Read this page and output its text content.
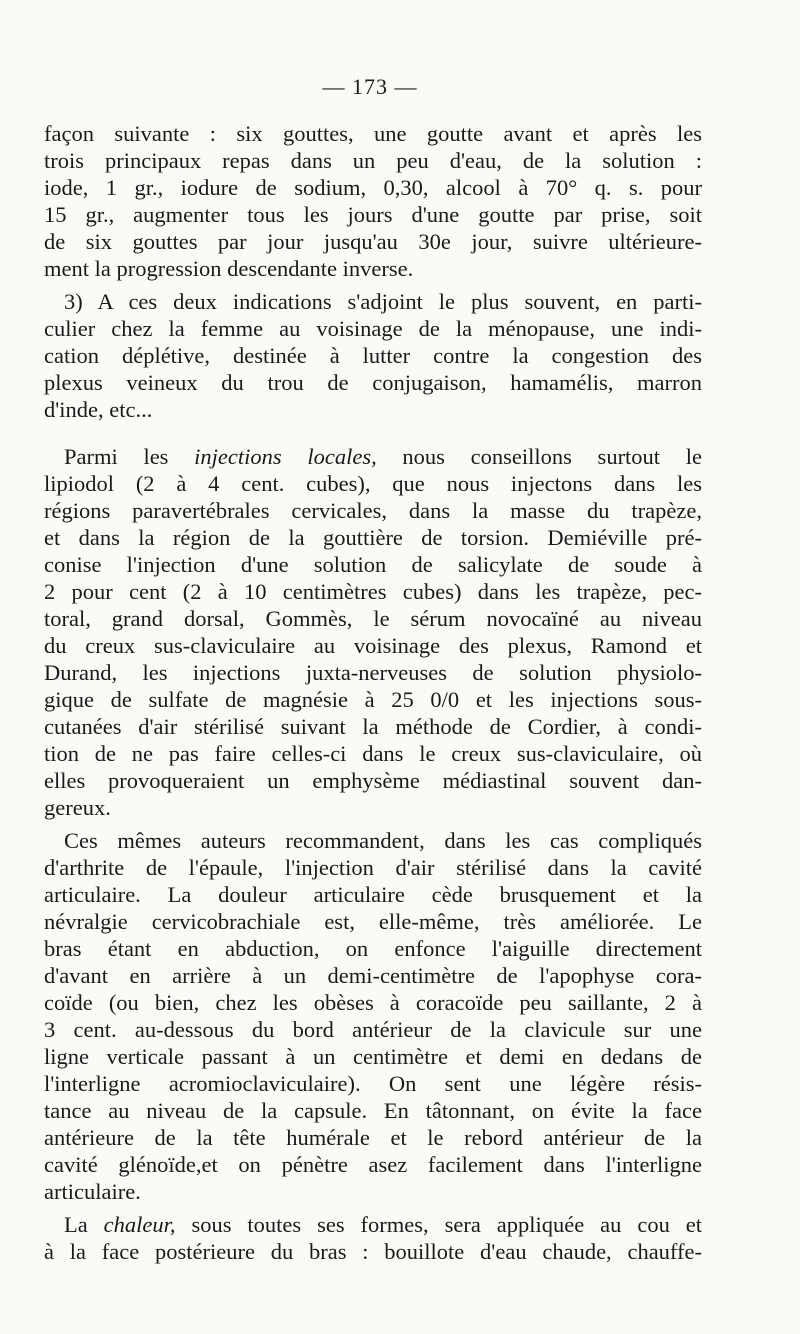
— 173 —
façon suivante : six gouttes, une goutte avant et après les
trois principaux repas dans un peu d'eau, de la solution :
iode, 1 gr., iodure de sodium, 0,30, alcool à 70° q. s. pour
15 gr., augmenter tous les jours d'une goutte par prise, soit
de six gouttes par jour jusqu'au 30e jour, suivre ultérieure-
ment la progression descendante inverse.
3) A ces deux indications s'adjoint le plus souvent, en parti-
culier chez la femme au voisinage de la ménopause, une indi-
cation déplétive, destinée à lutter contre la congestion des
plexus veineux du trou de conjugaison, hamamélis, marron
d'inde, etc...
Parmi les injections locales, nous conseillons surtout le
lipiodol (2 à 4 cent. cubes), que nous injectons dans les
régions paravertébrales cervicales, dans la masse du trapèze,
et dans la région de la gouttière de torsion. Demiéville pré-
conise l'injection d'une solution de salicylate de soude à
2 pour cent (2 à 10 centimètres cubes) dans les trapèze, pec-
toral, grand dorsal, Gommès, le sérum novocaïné au niveau
du creux sus-claviculaire au voisinage des plexus, Ramond et
Durand, les injections juxta-nerveuses de solution physiolo-
gique de sulfate de magnésie à 25 0/0 et les injections sous-
cutanées d'air stérilisé suivant la méthode de Cordier, à condi-
tion de ne pas faire celles-ci dans le creux sus-claviculaire, où
elles provoqueraient un emphysème médiastinal souvent dan-
gereux.
Ces mêmes auteurs recommandent, dans les cas compliqués
d'arthrite de l'épaule, l'injection d'air stérilisé dans la cavité
articulaire. La douleur articulaire cède brusquement et la
névralgie cervicobrachiale est, elle-même, très améliorée. Le
bras étant en abduction, on enfonce l'aiguille directement
d'avant en arrière à un demi-centimètre de l'apophyse cora-
coïde (ou bien, chez les obèses à coracoïde peu saillante, 2 à
3 cent. au-dessous du bord antérieur de la clavicule sur une
ligne verticale passant à un centimètre et demi en dedans de
l'interligne acromioclaviculaire). On sent une légère résis-
tance au niveau de la capsule. En tâtonnant, on évite la face
antérieure de la tête humérale et le rebord antérieur de la
cavité glénoïde,et on pénètre asez facilement dans l'interligne
articulaire.
La chaleur, sous toutes ses formes, sera appliquée au cou et
à la face postérieure du bras : bouillote d'eau chaude, chauffe-
